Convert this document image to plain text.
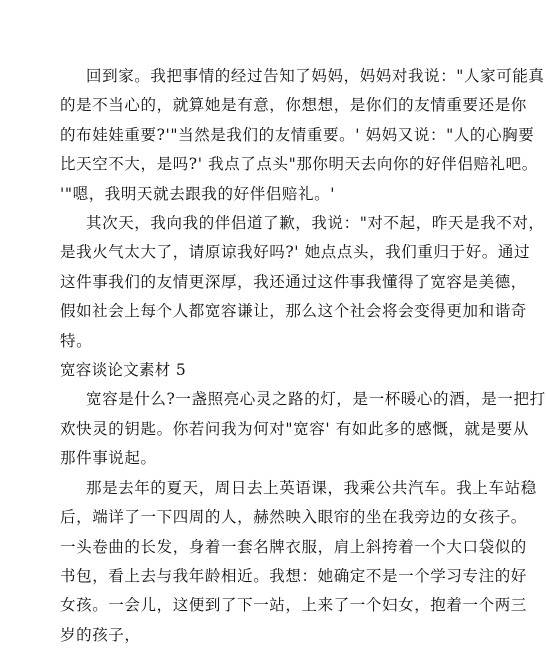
回到家。我把事情的经过告知了妈妈，妈妈对我说："人家可能真
的是不当心的，就算她是有意，你想想，是你们的友情重要还是你
的布娃娃重要?'"当然是我们的友情重要。' 妈妈又说："人的心胸要
比天空不大，是吗?' 我点了点头"那你明天去向你的好伴侣赔礼吧。
'"嗯，我明天就去跟我的好伴侣赔礼。'
其次天，我向我的伴侣道了歉，我说："对不起，昨天是我不对，
是我火气太大了，请原谅我好吗?' 她点点头，我们重归于好。通过
这件事我们的友情更深厚，我还通过这件事我懂得了宽容是美德，
假如社会上每个人都宽容谦让，那么这个社会将会变得更加和谐奇
特。
宽容谈论文素材 5
宽容是什么?一盏照亮心灵之路的灯，是一杯暖心的酒，是一把打
欢快灵的钥匙。你若问我为何对"宽容' 有如此多的感慨，就是要从
那件事说起。
那是去年的夏天，周日去上英语课，我乘公共汽车。我上车站稳
后，端详了一下四周的人，赫然映入眼帘的坐在我旁边的女孩子。
一头卷曲的长发，身着一套名牌衣服，肩上斜挎着一个大口袋似的
书包，看上去与我年龄相近。我想：她确定不是一个学习专注的好
女孩。一会儿，这便到了下一站，上来了一个妇女，抱着一个两三
岁的孩子，
